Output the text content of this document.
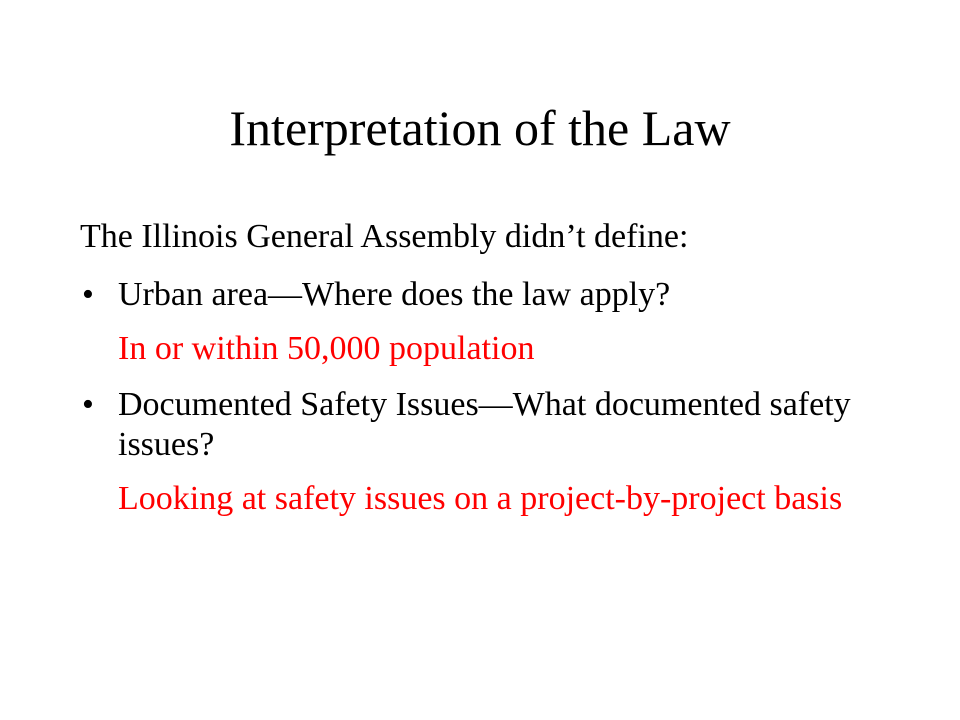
Interpretation of the Law
The Illinois General Assembly didn’t define:
• Urban area—Where does the law apply?
In or within 50,000 population
• Documented Safety Issues—What documented safety issues?
Looking at safety issues on a project-by-project basis
